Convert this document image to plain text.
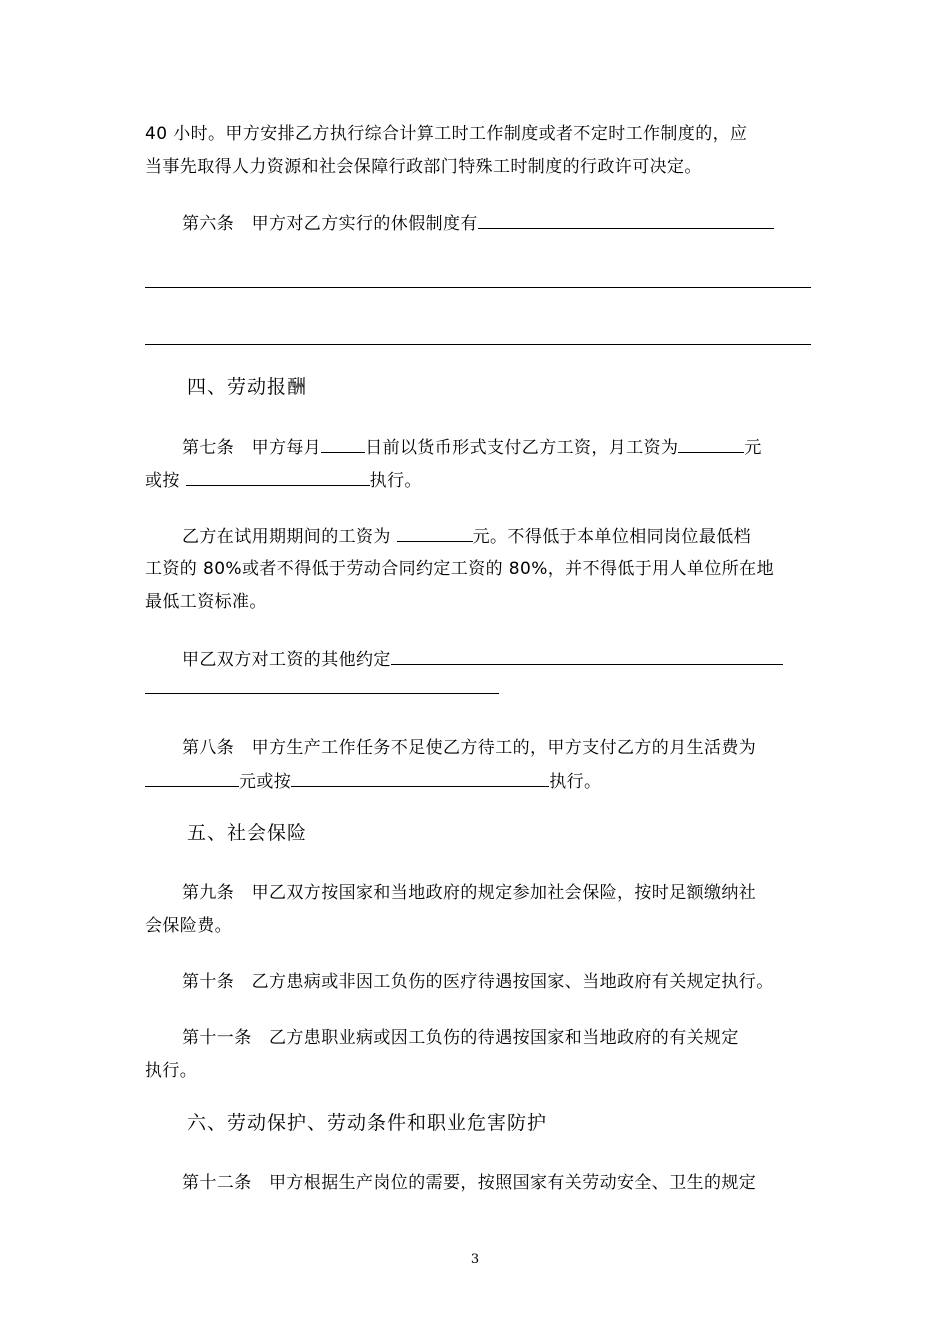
40 小时。甲方安排乙方执行综合计算工时工作制度或者不定时工作制度的，应
当事先取得人力资源和社会保障行政部门特殊工时制度的行政许可决定。
第六条　甲方对乙方实行的休假制度有
四、劳动报酬
第七条　甲方每月	日前以货币形式支付乙方工资，月工资为	元
或按	执行。
乙方在试用期期间的工资为	元。不得低于本单位相同岗位最低档
工资的 80%或者不得低于劳动合同约定工资的 80%，并不得低于用人单位所在地
最低工资标准。
甲乙双方对工资的其他约定
第八条　甲方生产工作任务不足使乙方待工的，甲方支付乙方的月生活费为
元或按	执行。
五、社会保险
第九条　甲乙双方按国家和当地政府的规定参加社会保险，按时足额缴纳社
会保险费。
第十条　乙方患病或非因工负伤的医疗待遇按国家、当地政府有关规定执行。
第十一条　乙方患职业病或因工负伤的待遇按国家和当地政府的有关规定
执行。
六、劳动保护、劳动条件和职业危害防护
第十二条　甲方根据生产岗位的需要，按照国家有关劳动安全、卫生的规定
3
